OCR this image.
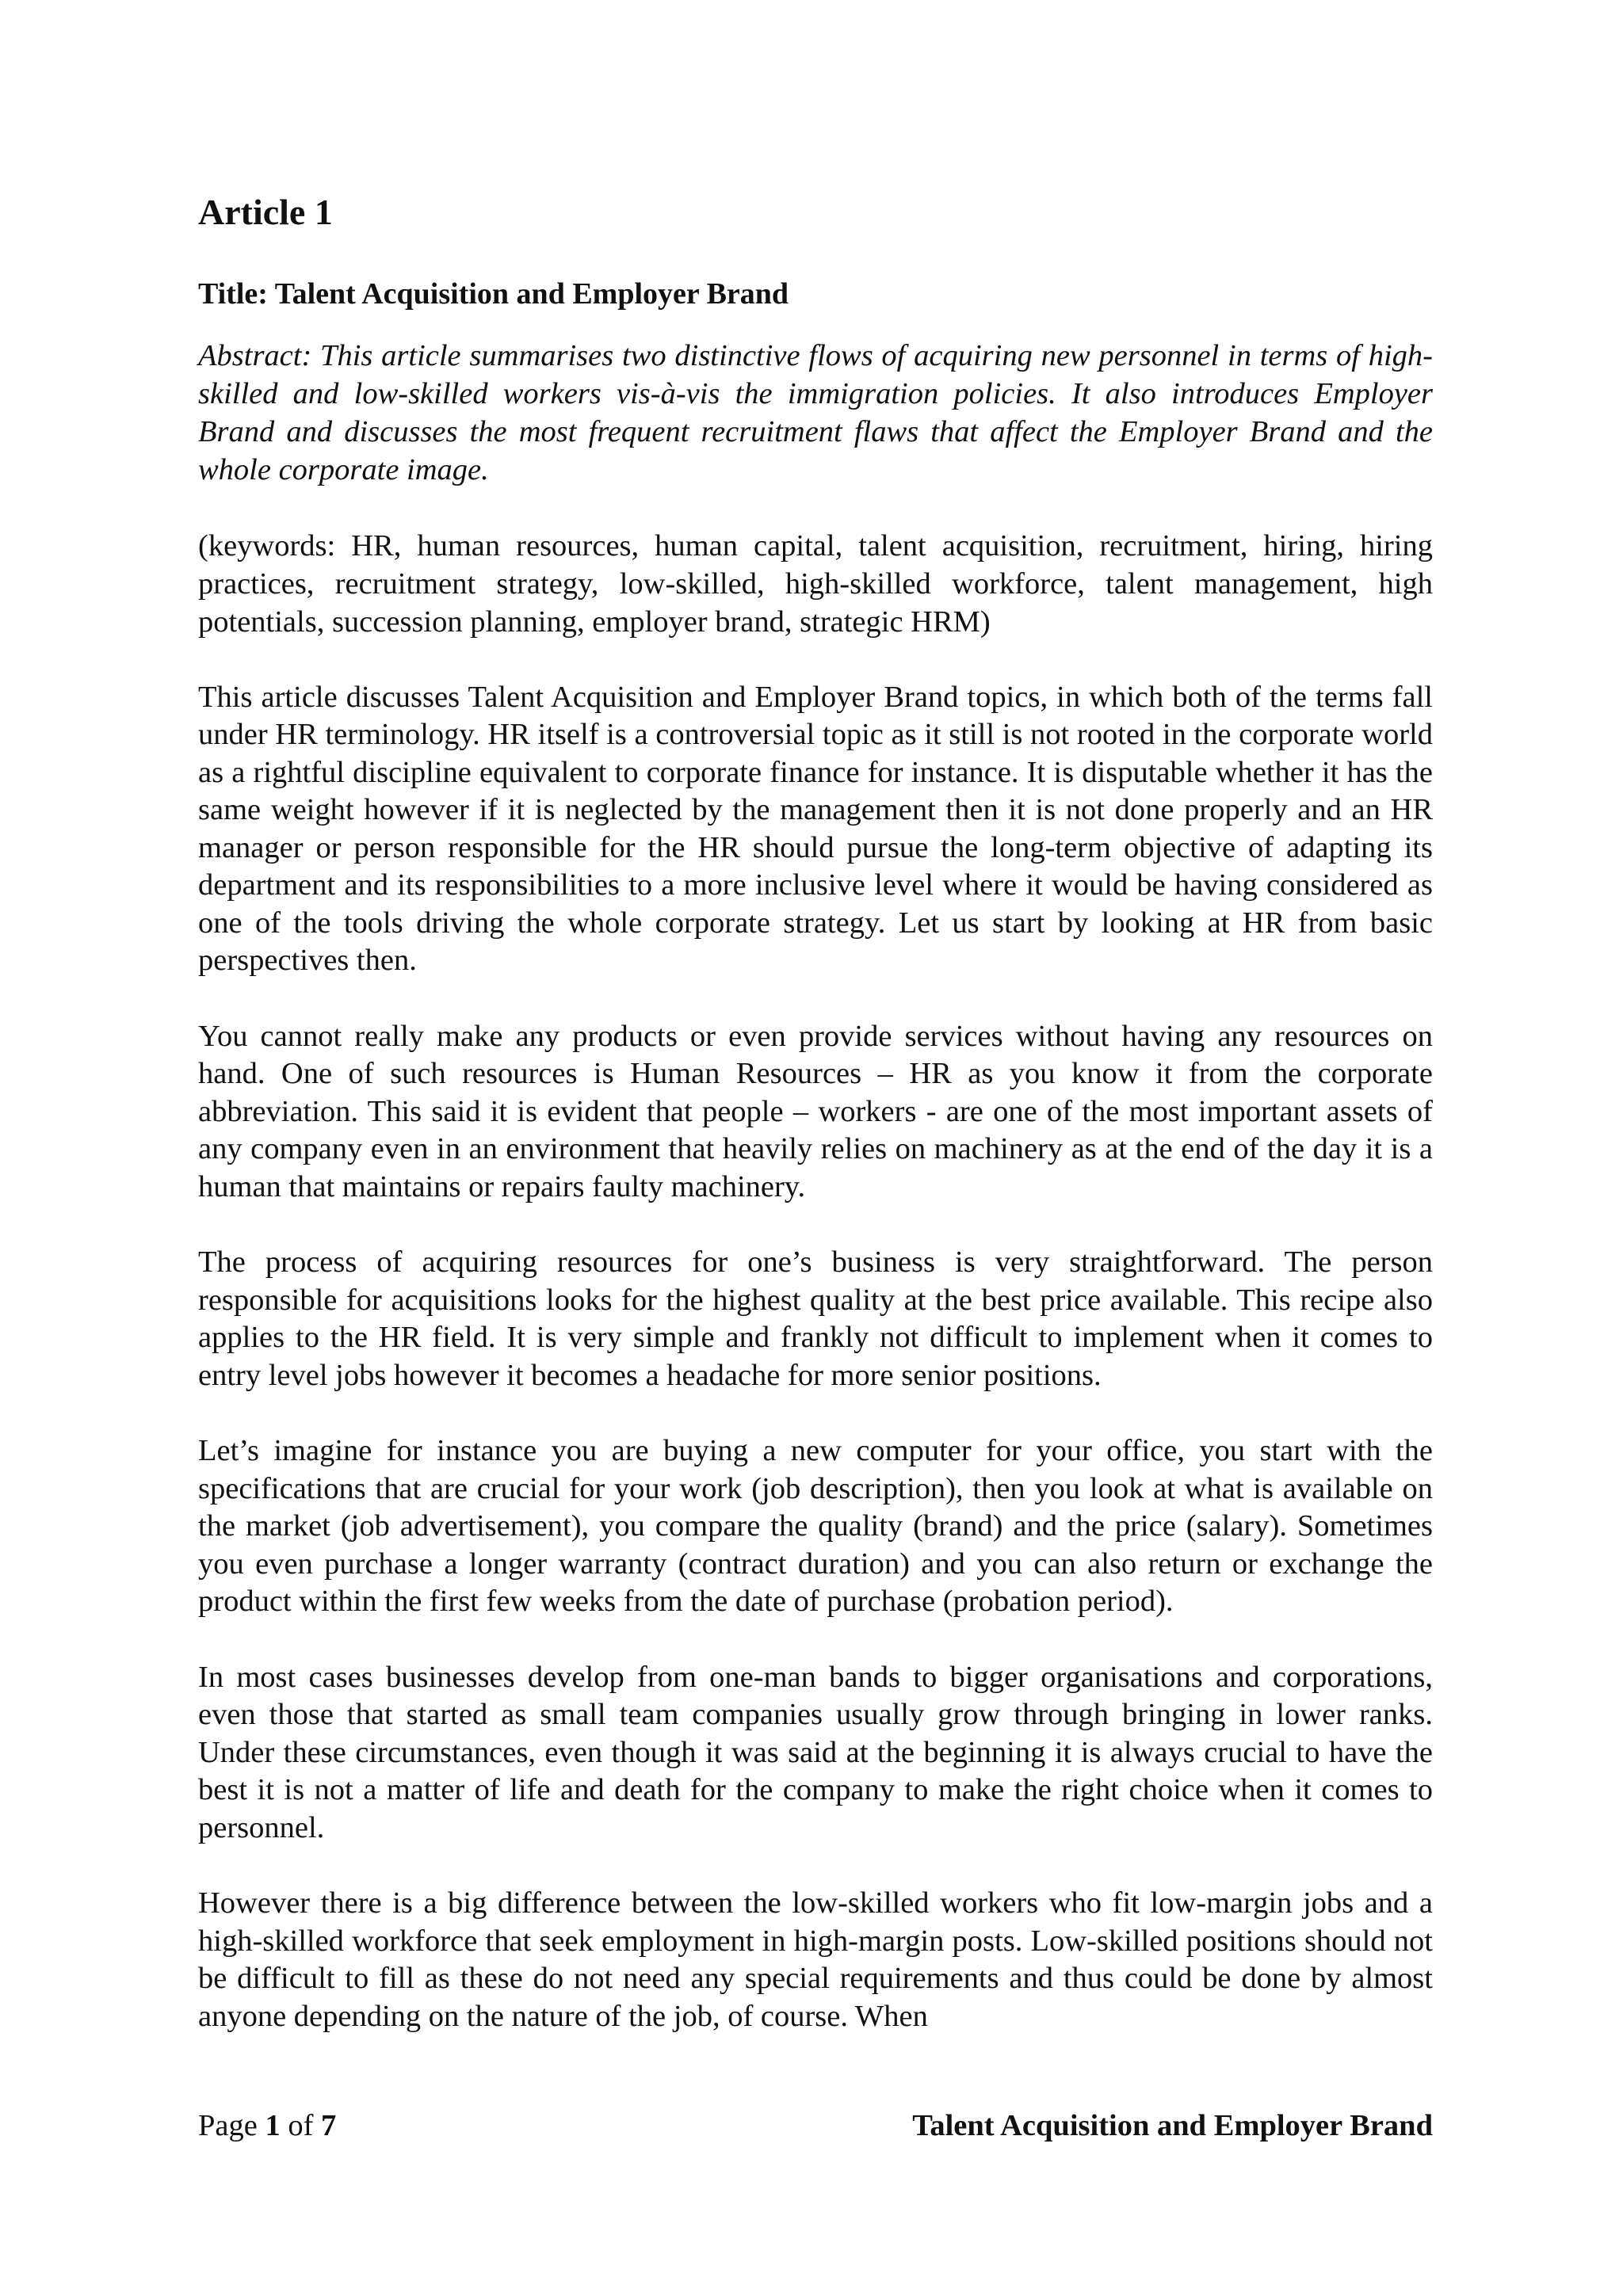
Article 1
Title: Talent Acquisition and Employer Brand

Abstract: This article summarises two distinctive flows of acquiring new personnel in terms of high-skilled and low-skilled workers vis-à-vis the immigration policies. It also introduces Employer Brand and discusses the most frequent recruitment flaws that affect the Employer Brand and the whole corporate image.

(keywords: HR, human resources, human capital, talent acquisition, recruitment, hiring, hiring practices, recruitment strategy, low-skilled, high-skilled workforce, talent management, high potentials, succession planning, employer brand, strategic HRM)

This article discusses Talent Acquisition and Employer Brand topics, in which both of the terms fall under HR terminology. HR itself is a controversial topic as it still is not rooted in the corporate world as a rightful discipline equivalent to corporate finance for instance. It is disputable whether it has the same weight however if it is neglected by the management then it is not done properly and an HR manager or person responsible for the HR should pursue the long-term objective of adapting its department and its responsibilities to a more inclusive level where it would be having considered as one of the tools driving the whole corporate strategy. Let us start by looking at HR from basic perspectives then.

You cannot really make any products or even provide services without having any resources on hand. One of such resources is Human Resources – HR as you know it from the corporate abbreviation. This said it is evident that people – workers - are one of the most important assets of any company even in an environment that heavily relies on machinery as at the end of the day it is a human that maintains or repairs faulty machinery.

The process of acquiring resources for one’s business is very straightforward. The person responsible for acquisitions looks for the highest quality at the best price available. This recipe also applies to the HR field. It is very simple and frankly not difficult to implement when it comes to entry level jobs however it becomes a headache for more senior positions.

Let’s imagine for instance you are buying a new computer for your office, you start with the specifications that are crucial for your work (job description), then you look at what is available on the market (job advertisement), you compare the quality (brand) and the price (salary). Sometimes you even purchase a longer warranty (contract duration) and you can also return or exchange the product within the first few weeks from the date of purchase (probation period).

In most cases businesses develop from one-man bands to bigger organisations and corporations, even those that started as small team companies usually grow through bringing in lower ranks. Under these circumstances, even though it was said at the beginning it is always crucial to have the best it is not a matter of life and death for the company to make the right choice when it comes to personnel.

However there is a big difference between the low-skilled workers who fit low-margin jobs and a high-skilled workforce that seek employment in high-margin posts. Low-skilled positions should not be difficult to fill as these do not need any special requirements and thus could be done by almost anyone depending on the nature of the job, of course. When

Page 1 of 7	Talent Acquisition and Employer Brand
